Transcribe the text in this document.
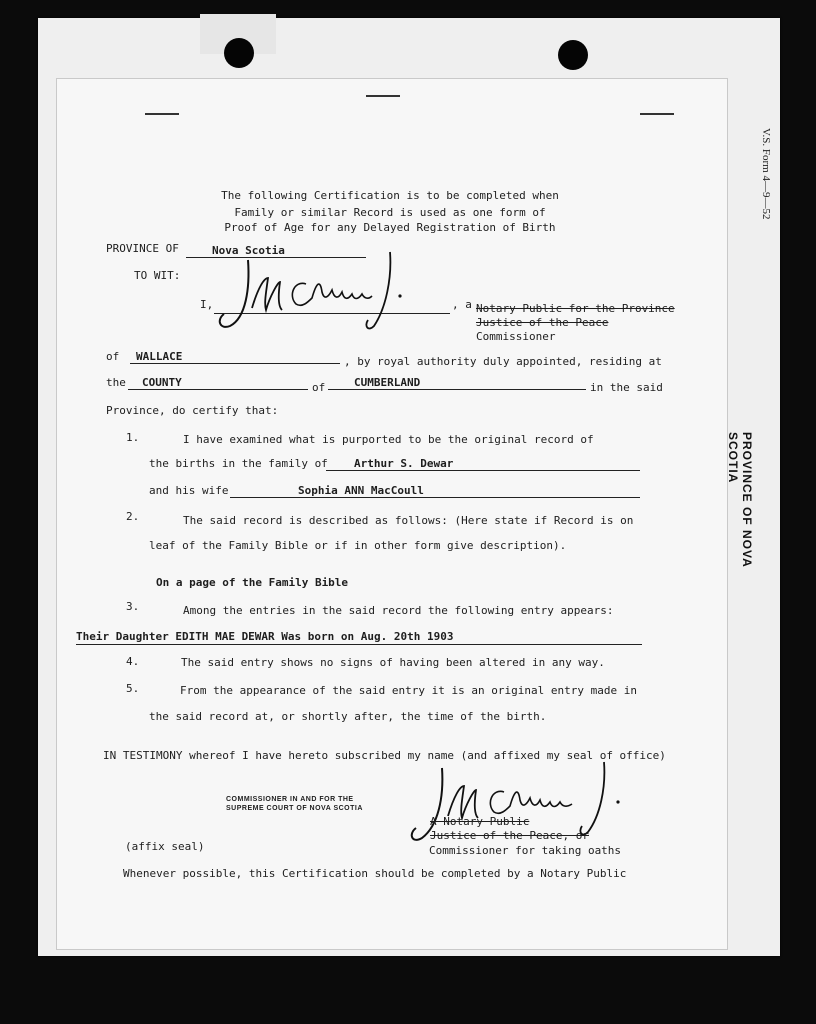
V.S. Form 4—9—52
PROVINCE OF NOVA SCOTIA
The following Certification is to be completed when
Family or similar Record is used as one form of
Proof of Age for any Delayed Registration of Birth
PROVINCE OF	Nova Scotia
TO WIT:
I,	, a Notary Public for the Province
Justice of the Peace
Commissioner
of	WALLACE	, by royal authority duly appointed, residing at
the	COUNTY	of	CUMBERLAND	in the said
Province, do certify that:
1.	I have examined what is purported to be the original record of
the births in the family of	Arthur S. Dewar
and his wife	Sophia ANN MacCoull
2.	The said record is described as follows: (Here state if Record is on
leaf of the Family Bible or if in other form give description).
On a page of the Family Bible
3.	Among the entries in the said record the following entry appears:
Their Daughter EDITH MAE DEWAR Was born on Aug. 20th 1903
4.	The said entry shows no signs of having been altered in any way.
5.	From the appearance of the said entry it is an original entry made in
the said record at, or shortly after, the time of the birth.
IN TESTIMONY whereof I have hereto subscribed my name (and affixed my seal of office)
COMMISSIONER IN AND FOR THE
SUPREME COURT OF NOVA SCOTIA
A Notary Public
Justice of the Peace, or
Commissioner for taking oaths
(affix seal)
Whenever possible, this Certification should be completed by a Notary Public
